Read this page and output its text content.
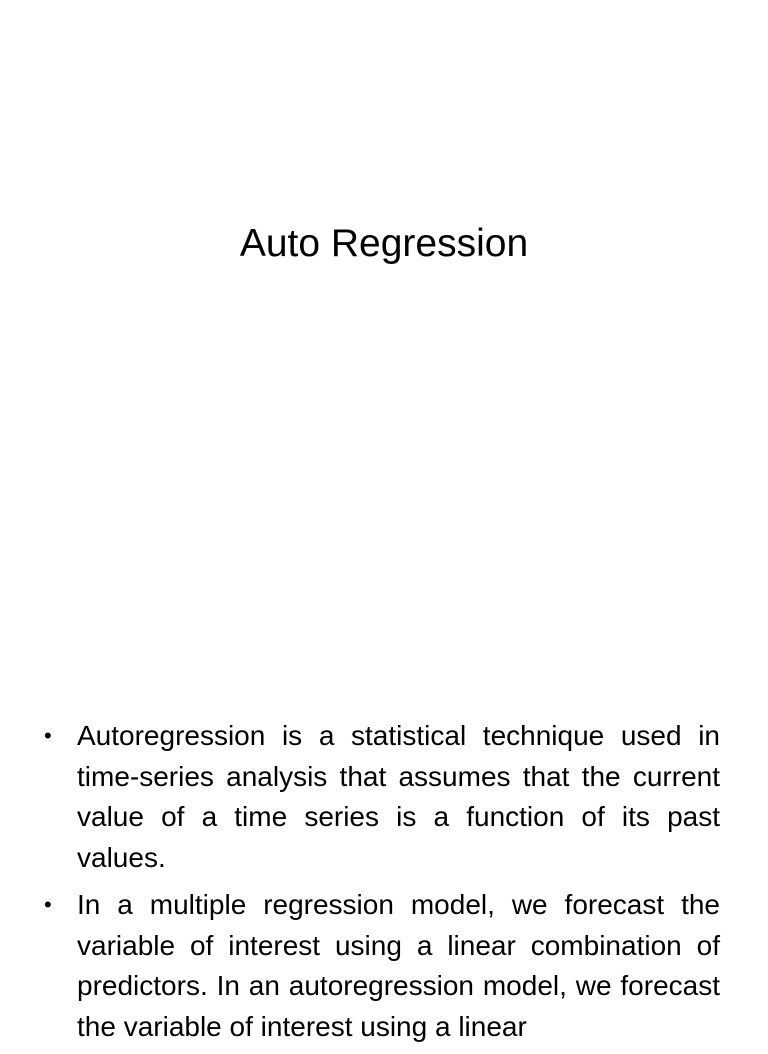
Auto Regression
• Autoregression is a statistical technique used in time-series analysis that assumes that the current value of a time series is a function of its past values.
• In a multiple regression model, we forecast the variable of interest using a linear combination of predictors. In an autoregression model, we forecast the variable of interest using a linear
